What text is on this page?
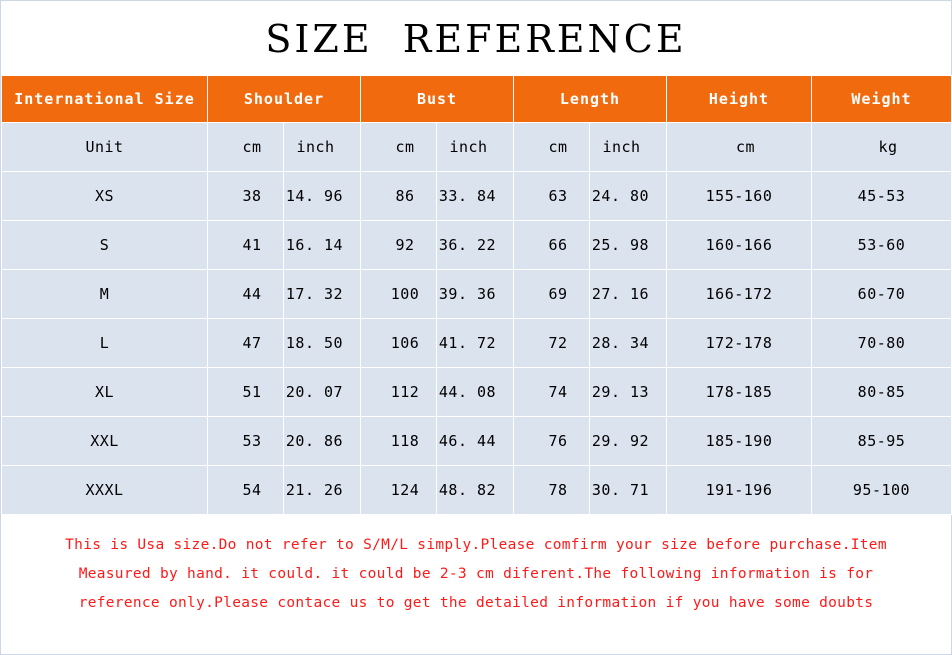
SIZE  REFERENCE
International Size	Shoulder		Bust		Length		Height	Weight
Unit	cm	inch	cm	inch	cm	inch	cm	kg
XS	38	14. 96	86	33. 84	63	24. 80	155-160	45-53
S	41	16. 14	92	36. 22	66	25. 98	160-166	53-60
M	44	17. 32	100	39. 36	69	27. 16	166-172	60-70
L	47	18. 50	106	41. 72	72	28. 34	172-178	70-80
XL	51	20. 07	112	44. 08	74	29. 13	178-185	80-85
XXL	53	20. 86	118	46. 44	76	29. 92	185-190	85-95
XXXL	54	21. 26	124	48. 82	78	30. 71	191-196	95-100
This is Usa size.Do not refer to S/M/L simply.Please comfirm your size before purchase.Item
Measured by hand. it could. it could be 2-3 cm diferent.The following information is for
reference only.Please contace us to get the detailed information if you have some doubts
